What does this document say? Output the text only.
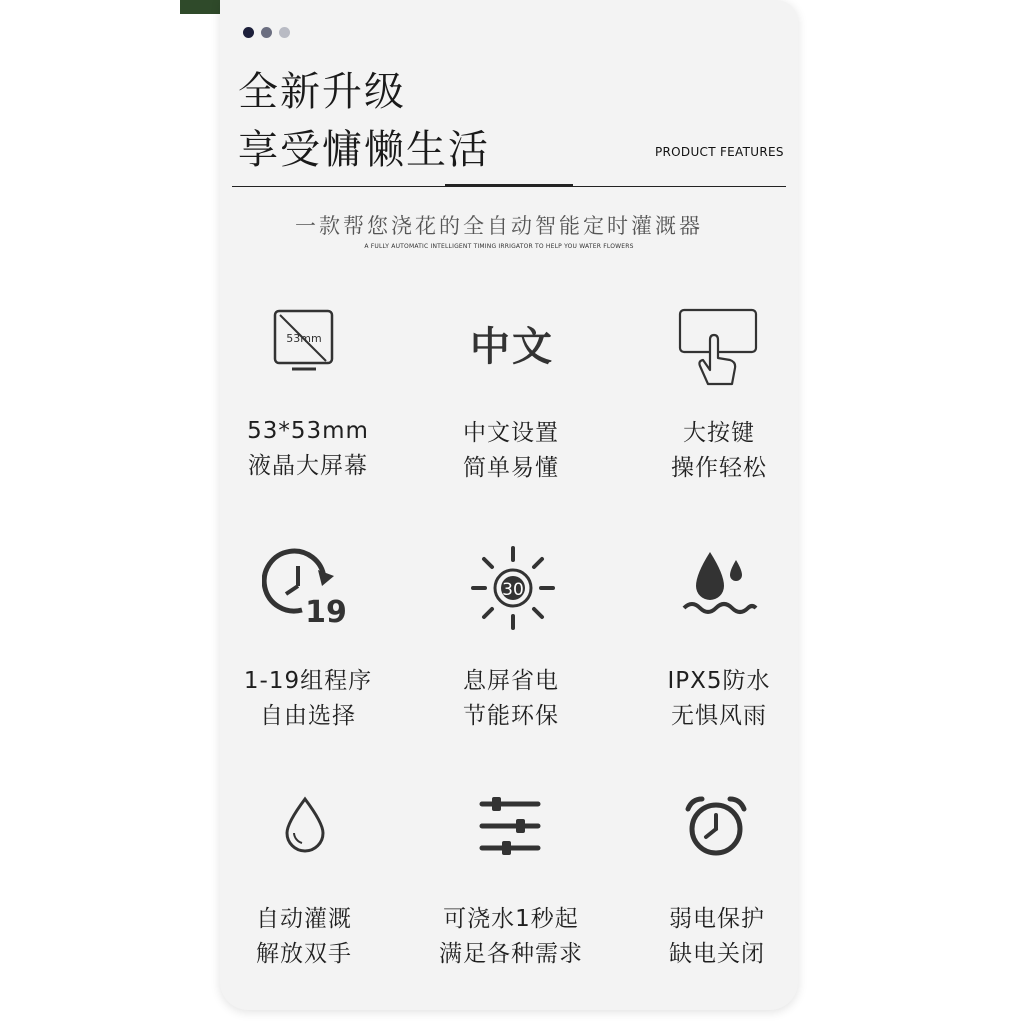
全新升级
享受慵懒生活	PRODUCT FEATURES
一款帮您浇花的全自动智能定时灌溉器
A FULLY AUTOMATIC INTELLIGENT TIMING IRRIGATOR TO HELP YOU WATER FLOWERS
53mm	中文
19
30
53*53mm
液晶大屏幕
中文设置
简单易懂
大按键
操作轻松
1-19组程序
自由选择
息屏省电
节能环保
IPX5防水
无惧风雨
自动灌溉
解放双手
可浇水1秒起
满足各种需求
弱电保护
缺电关闭
